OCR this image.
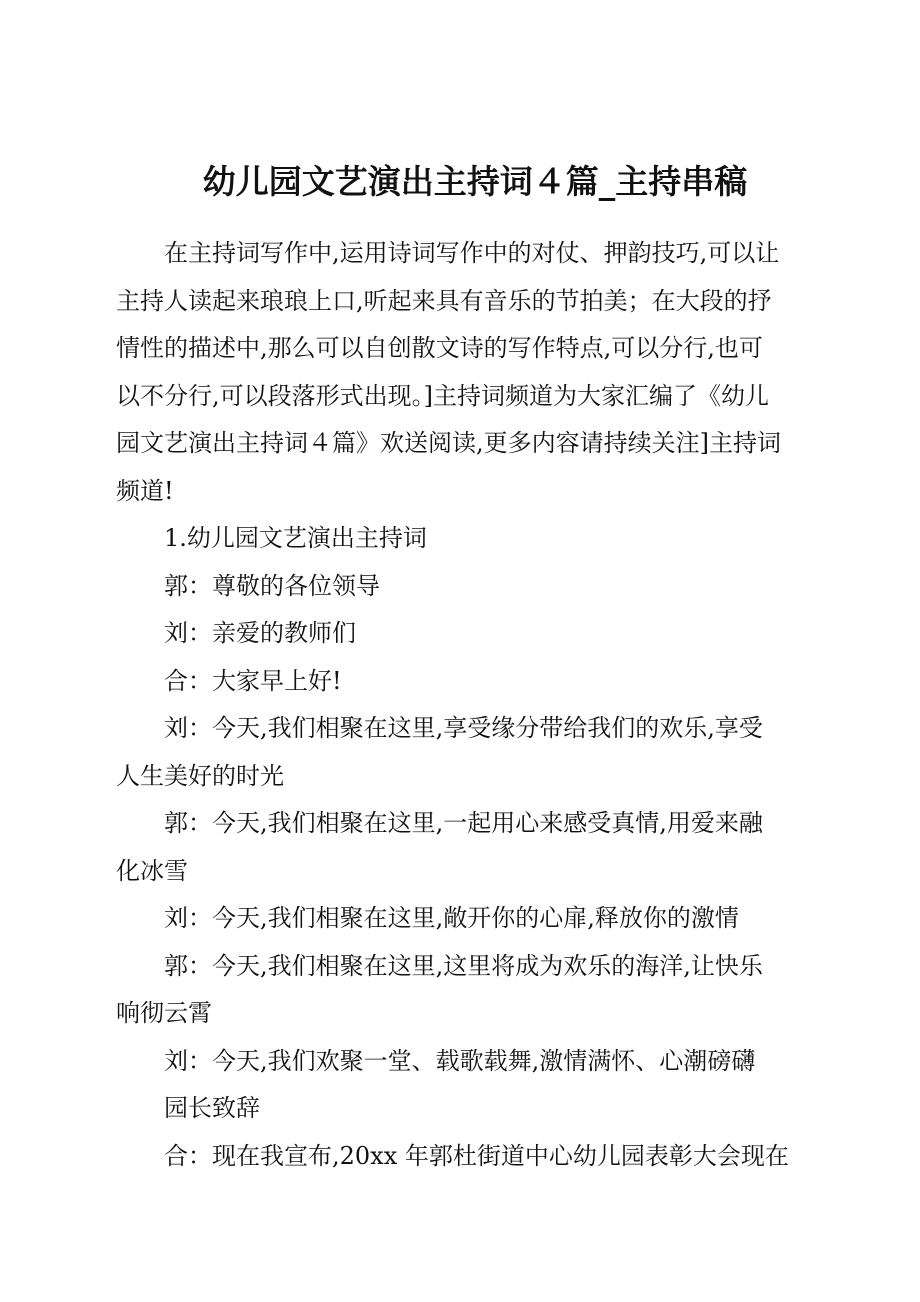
幼儿园文艺演出主持词４篇_主持串稿

在主持词写作中,运用诗词写作中的对仗、押韵技巧,可以让

主持人读起来琅琅上口,听起来具有音乐的节拍美；在大段的抒

情性的描述中,那么可以自创散文诗的写作特点,可以分行,也可

以不分行,可以段落形式出现。]主持词频道为大家汇编了《幼儿

园文艺演出主持词４篇》欢送阅读,更多内容请持续关注]主持词

频道!

1.幼儿园文艺演出主持词

郭：尊敬的各位领导

刘：亲爱的教师们

合：大家早上好!

刘：今天,我们相聚在这里,享受缘分带给我们的欢乐,享受

人生美好的时光

郭：今天,我们相聚在这里,一起用心来感受真情,用爱来融

化冰雪

刘：今天,我们相聚在这里,敞开你的心扉,释放你的激情

郭：今天,我们相聚在这里,这里将成为欢乐的海洋,让快乐

响彻云霄

刘：今天,我们欢聚一堂、载歌载舞,激情满怀、心潮磅礴

园长致辞

合：现在我宣布,20xx 年郭杜街道中心幼儿园表彰大会现在
